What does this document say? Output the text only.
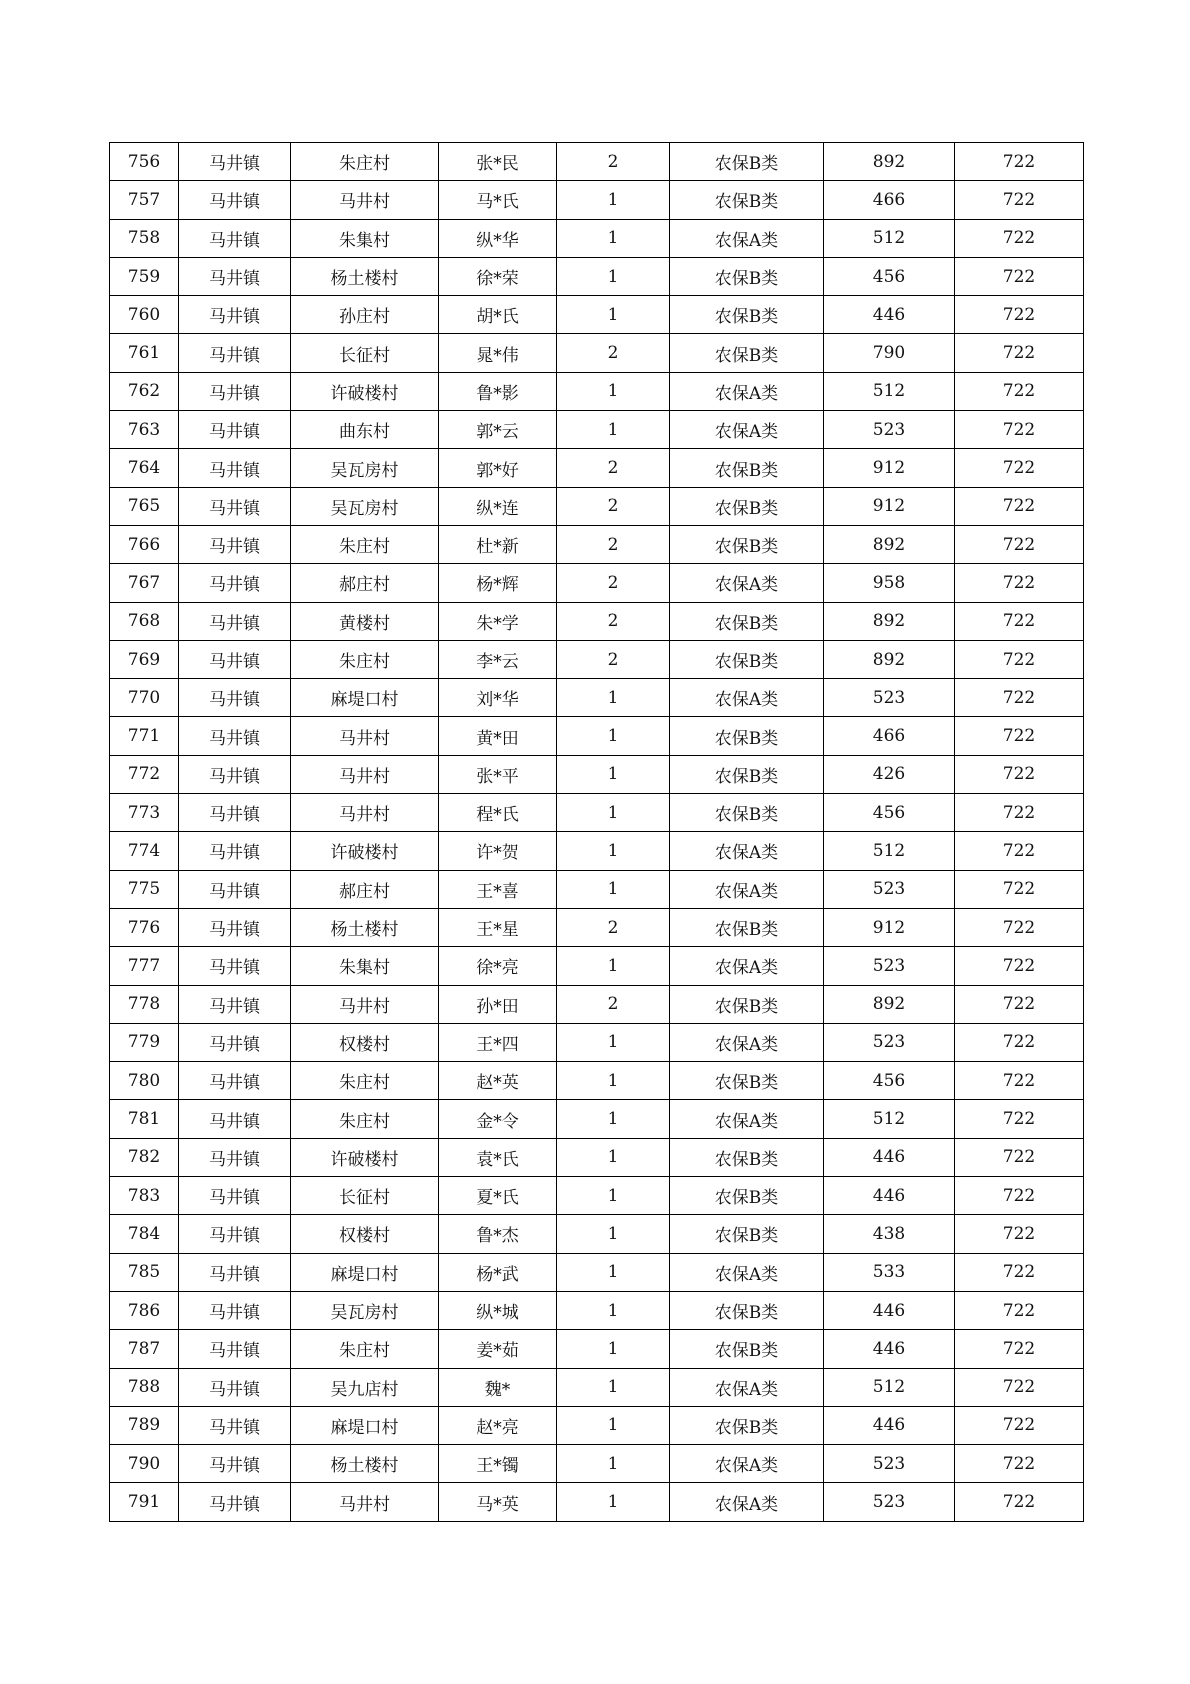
756	马井镇	朱庄村	张*民	2	农保B类	892	722
757	马井镇	马井村	马*氏	1	农保B类	466	722
758	马井镇	朱集村	纵*华	1	农保A类	512	722
759	马井镇	杨土楼村	徐*荣	1	农保B类	456	722
760	马井镇	孙庄村	胡*氏	1	农保B类	446	722
761	马井镇	长征村	晁*伟	2	农保B类	790	722
762	马井镇	许破楼村	鲁*影	1	农保A类	512	722
763	马井镇	曲东村	郭*云	1	农保A类	523	722
764	马井镇	吴瓦房村	郭*好	2	农保B类	912	722
765	马井镇	吴瓦房村	纵*连	2	农保B类	912	722
766	马井镇	朱庄村	杜*新	2	农保B类	892	722
767	马井镇	郝庄村	杨*辉	2	农保A类	958	722
768	马井镇	黄楼村	朱*学	2	农保B类	892	722
769	马井镇	朱庄村	李*云	2	农保B类	892	722
770	马井镇	麻堤口村	刘*华	1	农保A类	523	722
771	马井镇	马井村	黄*田	1	农保B类	466	722
772	马井镇	马井村	张*平	1	农保B类	426	722
773	马井镇	马井村	程*氏	1	农保B类	456	722
774	马井镇	许破楼村	许*贺	1	农保A类	512	722
775	马井镇	郝庄村	王*喜	1	农保A类	523	722
776	马井镇	杨土楼村	王*星	2	农保B类	912	722
777	马井镇	朱集村	徐*亮	1	农保A类	523	722
778	马井镇	马井村	孙*田	2	农保B类	892	722
779	马井镇	权楼村	王*四	1	农保A类	523	722
780	马井镇	朱庄村	赵*英	1	农保B类	456	722
781	马井镇	朱庄村	金*令	1	农保A类	512	722
782	马井镇	许破楼村	袁*氏	1	农保B类	446	722
783	马井镇	长征村	夏*氏	1	农保B类	446	722
784	马井镇	权楼村	鲁*杰	1	农保B类	438	722
785	马井镇	麻堤口村	杨*武	1	农保A类	533	722
786	马井镇	吴瓦房村	纵*城	1	农保B类	446	722
787	马井镇	朱庄村	姜*茹	1	农保B类	446	722
788	马井镇	吴九店村	魏*	1	农保A类	512	722
789	马井镇	麻堤口村	赵*亮	1	农保B类	446	722
790	马井镇	杨土楼村	王*镯	1	农保A类	523	722
791	马井镇	马井村	马*英	1	农保A类	523	722
